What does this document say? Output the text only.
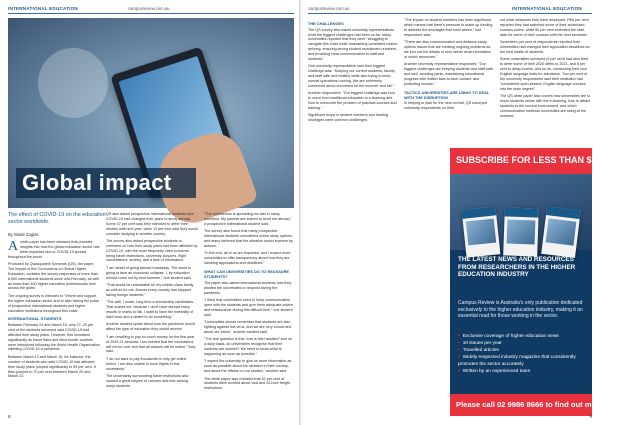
INTERNATIONAL EDUCATION	campusreview.com.au
Global impact
The effect of COVID-19 on the education sector worldwide.
By Wade Zaglas

Awhile paper has been released that provides insights into how the global education sector has been impacted due to COVID-19 spread throughout the world.

Produced by Quacquarelli Symonds (QS), the paper, The impact of the Coronavirus on Global Higher Education, contains the survey responses of more than 8,000 international students since mid-February, as well as more than 400 higher education professionals from across the globe.

The ongoing survey is intended to "inform and support the higher education sector and to also 'taking the pulse of prospective international students and higher education institutions throughout this crisis'.

INTERNATIONAL STUDENTS

Between February 24 and March 15, only 27–29 per cent of the students surveyed said COVID-19 had affected their study plans. However, this increased significantly as travel bans and strict border controls were introduced following the World Health Organization labelling COVID-19 a pandemic.

Between March 13 and March 15, for instance, the number of students who said COVID-19 had affected their study plans jumped significantly to 59 per cent. It then jumped to 70 per cent between March 20 and March 22.

QS also asked prospective international students how COVID-19 had changed their plans to study abroad. Some 47 per cent said they intended to defer their studies until next year, while 13 per cent said they would consider studying in another country.

The survey also asked prospective students to comment on how their study plans had been affected by COVID-19, with the most frequently cited concerns being travel restrictions, university closures, flight cancellations, anxiety, and a lack of information.

"I am afraid of going abroad nowadays. The world is going to face an economic collapse. I, by education, should come out by next summer," one student said.

"That would be unbearable for my middle-class family, as well as for me. Almost every country has stopped taking foreign students."

"The well, I mean, long time a scholarship candidates. That scares me, because I don't have abroad many results or marks to fall. I want to have the mentality of hard work and a desire to do something."

Another student spoke about how the pandemic would affect the type of education they would receive.

"I am unwilling to pay so much money for the first year of 2020-21 because I am worried that the coronavirus will not be over and that all classes will be online," they said.

"I do not want to pay thousands to only get online tuition. I am also unable to book flights in this uncertainty."

The uncertainty surrounding travel restrictions also caused a great degree of concern and fear among many students.

"The coronavirus is spreading too fast in many countries. My parents are scared to send me abroad," a prospective international student said.

The survey also found that many prospective international students considered online study options, and many believed that the situation would improve by autumn.

"In the end, all of us are impacted, and I expect more universities to offer transparency about how they are handling applications and deadlines."

WHAT CAN UNIVERSITIES DO TO REASSURE STUDENTS?

The paper also asked international students how they wanted the universities to respond during the pandemic.

"I think that universities need to keep communication open with the students and give them adequate advice and reassurance during this difficult time," one student said.

"Universities should remember that students are also fighting against this virus, and we are very concerned about our future," another student said.

"The real question is this: how is this handled? And on a daily basis, do universities recognise that their students are worried? We need to know what is happening as soon as possible."

"I expect the university to give us more information as soon as possible about the situation in their country, and about the effects on our studies," another said.

The white paper also revealed that 52 per cent of students were worried about visa and 24-hour freight restrictions.

8
campusreview.com.au	INTERNATIONAL EDUCATION
THE CHALLENGES

The QS survey also asked university representatives what the biggest challenges had been so far. Many universities reported that they were "struggling to navigate this crisis while maintaining consistent routine delivery, ensuring strong student recruitment numbers, and providing clear communication to staff and students".

One university representative said their biggest challenge was: "Keeping our current students, faculty and staff safe and healthy while also trying to keep normal operations running. We are extremely concerned about enrolment for the summer and fall."

Another respondent: "Our biggest challenge was how to move from traditional education to e-learning and how to overcome the problem of practical courses and training."

Significant drops in student numbers and funding shortages were common challenges.

"The impact on student numbers has been significant, which means that there's pressure to make up funding to address the shortages that have arisen," one respondent said.

"There are also communication and distance study options issues that are creating ongoing problems as we iron out the details of who needs what information or which resources."

Another university representative responded: "Our biggest challenges are keeping students and staff safe and well, avoiding panic, maintaining educational progress with limited face-to-face contact, and protecting income."

TACTICS UNIVERSITIES ARE USING TO DEAL WITH THE DISRUPTION

In helping to plan for the new normal, QS surveyed university respondents on their

out what measures they have employed. Fifty per cent reported they had switched some of their scheduled courses online, while 60 per cent extended the start date for some of their courses until the next semester.

Seventeen per cent of respondents reported their universities had changed their application deadlines for the next intake of students.

Some universities surveyed (9 per cent) had also tried to defer some of their 2020 offers to 2021, and 8 per cent to delay exams, and so on, conducting their own English language tests for admission. Two per cent of the university respondents said their institution had "considered open-session English language courses into the main degree".

The QS white paper also covers how universities are to move students online with the e-learning, how to attract students to the current environment, and which communication methods universities are using at the moment.

SUBSCRIBE FOR LESS THAN $5 A WEEK
THE LATEST NEWS AND RESOURCES FROM RESEARCHERS IN THE HIGHER EDUCATION INDUSTRY
Campus Review is Australia's only publication dedicated exclusively to the higher education industry, making it an essential read for those working in the sector.
• Exclusive coverage of higher education news
• 10 issues per year
• Travelled articles
• Widely-respected industry magazine that consistently promotes the sector accurately
• Written by an experienced team
Please call 02 9986 8666 to find out more
9
